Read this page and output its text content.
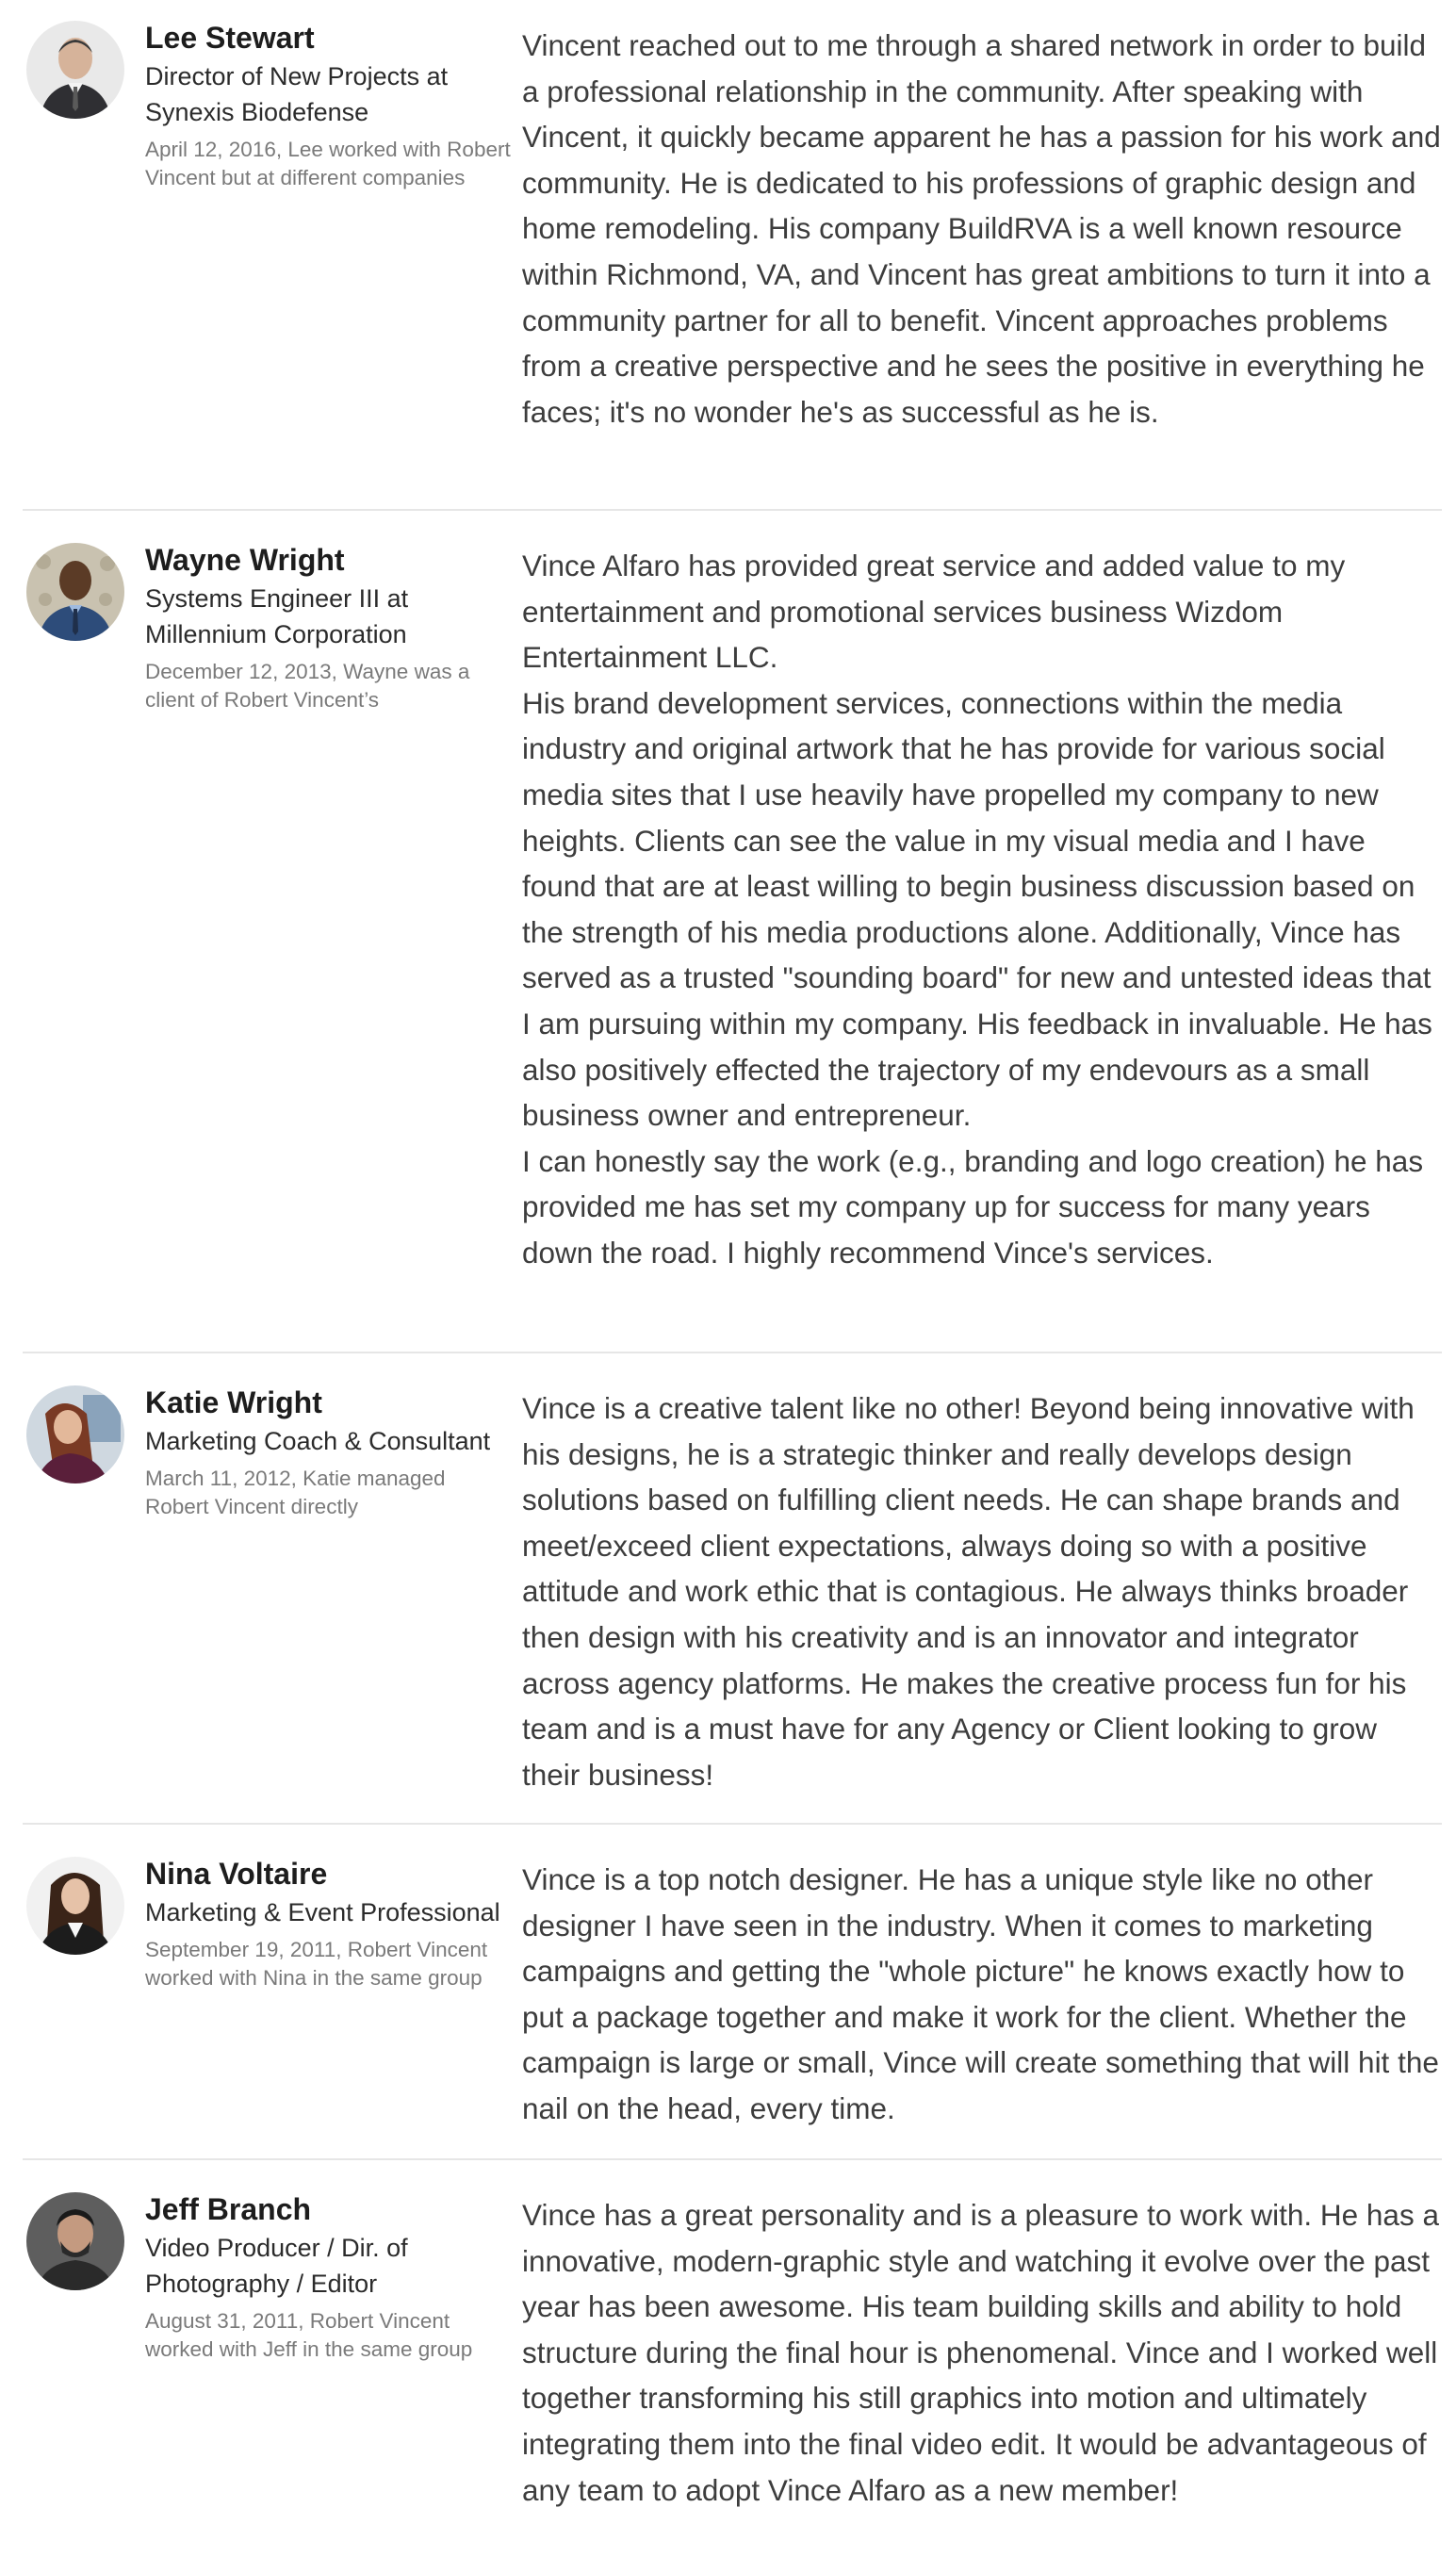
Lee Stewart
Director of New Projects at Synexis Biodefense
April 12, 2016, Lee worked with Robert Vincent but at different companies

Vincent reached out to me through a shared network in order to build a professional relationship in the community. After speaking with Vincent, it quickly became apparent he has a passion for his work and community. He is dedicated to his professions of graphic design and home remodeling. His company BuildRVA is a well known resource within Richmond, VA, and Vincent has great ambitions to turn it into a community partner for all to benefit. Vincent approaches problems from a creative perspective and he sees the positive in everything he faces; it's no wonder he's as successful as he is.

Wayne Wright
Systems Engineer III at Millennium Corporation
December 12, 2013, Wayne was a client of Robert Vincent’s

Vince Alfaro has provided great service and added value to my entertainment and promotional services business Wizdom Entertainment LLC.

His brand development services, connections within the media industry and original artwork that he has provide for various social media sites that I use heavily have propelled my company to new heights. Clients can see the value in my visual media and I have found that are at least willing to begin business discussion based on the strength of his media productions alone. Additionally, Vince has served as a trusted "sounding board" for new and untested ideas that I am pursuing within my company. His feedback in invaluable. He has also positively effected the trajectory of my endevours as a small business owner and entrepreneur.

I can honestly say the work (e.g., branding and logo creation) he has provided me has set my company up for success for many years down the road. I highly recommend Vince's services.

Katie Wright
Marketing Coach & Consultant
March 11, 2012, Katie managed Robert Vincent directly

Vince is a creative talent like no other! Beyond being innovative with his designs, he is a strategic thinker and really develops design solutions based on fulfilling client needs. He can shape brands and meet/exceed client expectations, always doing so with a positive attitude and work ethic that is contagious. He always thinks broader then design with his creativity and is an innovator and integrator across agency platforms. He makes the creative process fun for his team and is a must have for any Agency or Client looking to grow their business!

Nina Voltaire
Marketing & Event Professional
September 19, 2011, Robert Vincent worked with Nina in the same group

Vince is a top notch designer. He has a unique style like no other designer I have seen in the industry. When it comes to marketing campaigns and getting the "whole picture" he knows exactly how to put a package together and make it work for the client. Whether the campaign is large or small, Vince will create something that will hit the nail on the head, every time.

Jeff Branch
Video Producer / Dir. of Photography / Editor
August 31, 2011, Robert Vincent worked with Jeff in the same group

Vince has a great personality and is a pleasure to work with. He has a innovative, modern-graphic style and watching it evolve over the past year has been awesome. His team building skills and ability to hold structure during the final hour is phenomenal. Vince and I worked well together transforming his still graphics into motion and ultimately integrating them into the final video edit. It would be advantageous of any team to adopt Vince Alfaro as a new member!
